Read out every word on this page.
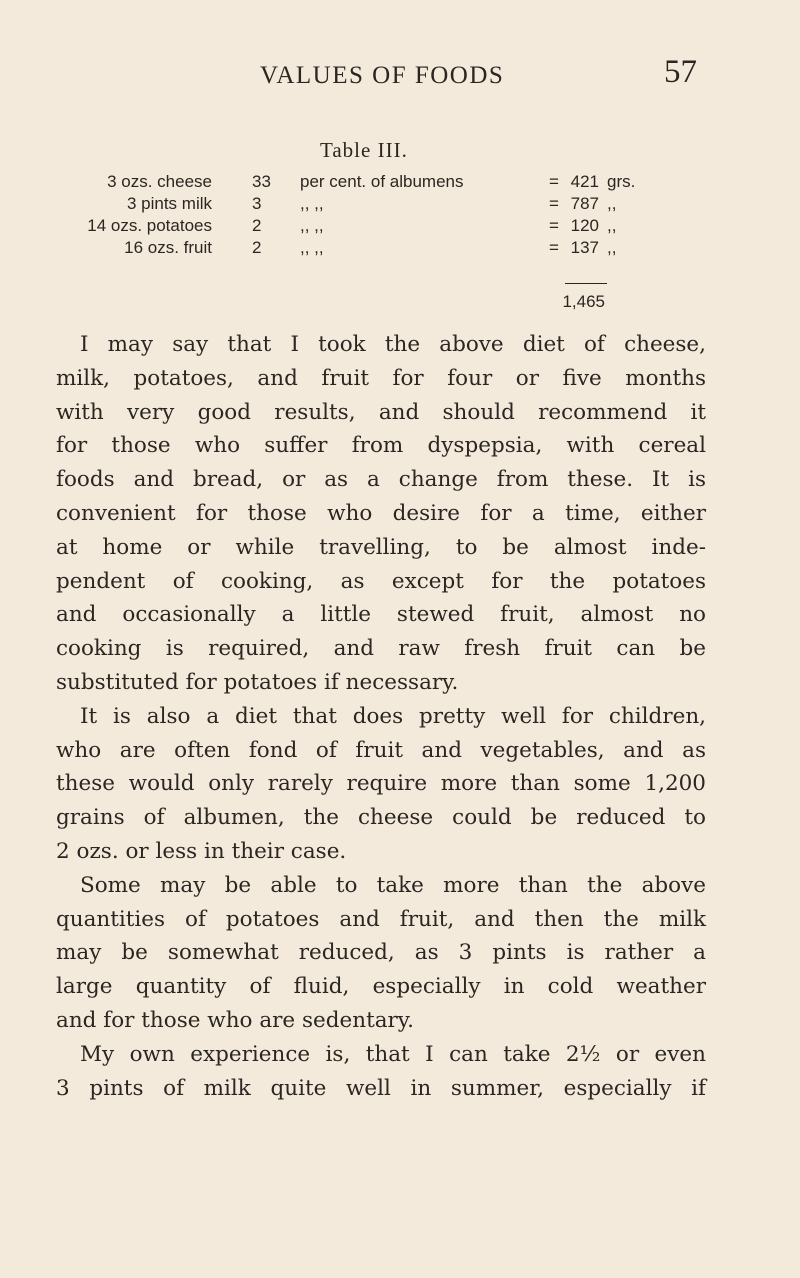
VALUES OF FOODS	57
Table III.
3 ozs. cheese 33	per cent. of albumens	= 421 grs.
3 pints milk 3	,, ,,	= 787 ,,
14 ozs. potatoes 2	,, ,,	= 120 ,,
16 ozs. fruit 2	,, ,,	= 137 ,,
1,465
I may say that I took the above diet of cheese,
milk, potatoes, and fruit for four or five months
with very good results, and should recommend it
for those who suffer from dyspepsia, with cereal
foods and bread, or as a change from these. It is
convenient for those who desire for a time, either
at home or while travelling, to be almost inde-
pendent of cooking, as except for the potatoes
and occasionally a little stewed fruit, almost no
cooking is required, and raw fresh fruit can be
substituted for potatoes if necessary.
It is also a diet that does pretty well for children,
who are often fond of fruit and vegetables, and as
these would only rarely require more than some 1,200
grains of albumen, the cheese could be reduced to
2 ozs. or less in their case.
Some may be able to take more than the above
quantities of potatoes and fruit, and then the milk
may be somewhat reduced, as 3 pints is rather a
large quantity of fluid, especially in cold weather
and for those who are sedentary.
My own experience is, that I can take 2½ or even
3 pints of milk quite well in summer, especially if
